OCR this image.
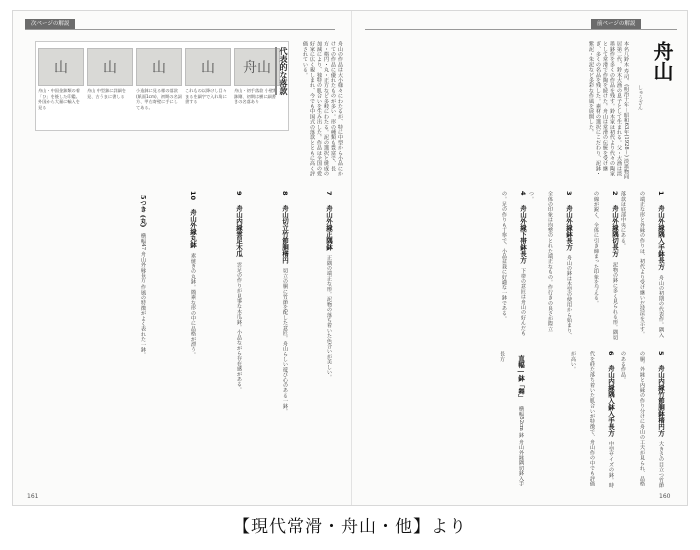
次ページの解説	前ページの解説
舟山
舟山・初手落款 小壁類鉢剛、初期は横に細書きの名落あり
山
これもの以降けし目々まるを細字で入れ角に書する
山
小造鉢に見る様の落款 (紙面1cm)、初期の名詞方、甲右寄壁に手にしてある。
山
舟山 中型鉢に詳細を見、古うまに書しる
山
舟山・中国金鉢類の着「ひ」を後した印鑑。外国から大量に輸入を見る
代表的な落款	舟山の作品は大小様々にわたるが、特に中型から小品にかけての作品に優れたものが多い。形の種類も豊富で、長方・楕円・丸・正方など多岐にわたる。泥の選択と焼成の加減により、独特の肌合いを生み出した。作品は全国の愛好家に広く親しまれ、今でも中国式の落款とともに高く評価されている。
7 舟山外縁正隅鉢 正隅の端正な形。泥物の落ち着いた色合いが美しい。
8 舟山切立竹節胴楕円 切立の胴に竹節を配した意匠。舟山らしい遊び心のある一鉢。
9 舟山内縁雲足木瓜 雲足の作りが見事な木瓜鉢。小品ながら存在感がある。
10 舟山外縁丸鉢 素焼きの丸鉢。簡素な形の中に品格が漂う。
5つき (丸) 横幅47 舟山外縁長方 作風の特徴がよく表れた一鉢。
舟山
しゅうざん
本名八鈴木 寿司、(明治十年－昭和63年(1928〜) 淡墨物同居第二代、鈴木大漁の息子として生まれる。父・大漁は淡墨鉢作を多くの作品を残す。鈴木家は初代より代々の陶家として常滑で作陶を続けた。舟山は常滑の伝統を受け継ぎ、多くの名品を残した。素材の選択にこだわり、泥鉢・紫泥・朱泥など多彩な作風を展開した。
1 舟山外縁隅入手鉢長方 舟山の初期の代表作。隅入の端正な形と外縁の作りは、初代より受け継いだ技法を示す。落款は底部中央にある。
2 舟山外縁隅切長方 泥物の鉢に多く見られる形。隅切の線が鋭く、全体に引き締まった印象を与える。
3 舟山外縁鉢長方 舟山の鉢は木型の使用から始まり、全体の印象は均整のとれた端正なもの。作行きの良さが際立つ。
4 舟山外縁下帯鉢長方 下帯の意匠は舟山の好んだもの。足の作りも丁寧で、小品盆栽に好適な一鉢である。
5 舟山内縁竹節胴鉢楕円方 大きさの目立つ竹節の胴。外縁と内縁の作り分けに舟山の工夫が見られ、品格のある作品。
6 舟山内縁隅入鉢入手長方 中型サイズの鉢。時代を経た落ち着いた肌合いが特徴で、舟山作の中でも評価が高い。
直幅 | 鉢「舞」 横幅52cm 鉢 舟山外縁隅切鉢入手長方
161	160
【現代常滑・舟山・他】より
